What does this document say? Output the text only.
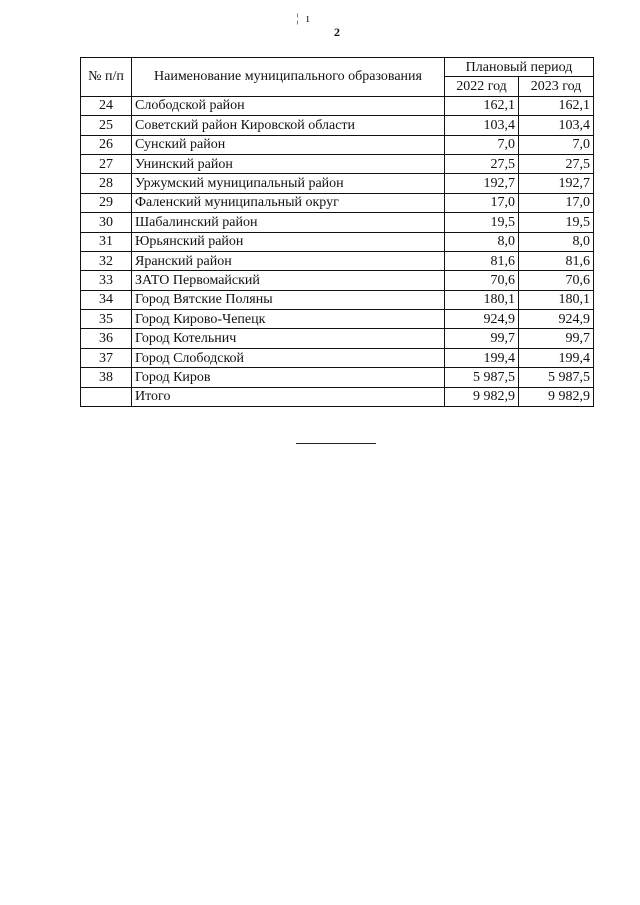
¦ ı
2
№ п/п	Наименование муниципального образования	Плановый период	
		2022 год	2023 год
24	Слободской район	162,1	162,1
25	Советский район Кировской области	103,4	103,4
26	Сунский район	7,0	7,0
27	Унинский район	27,5	27,5
28	Уржумский муниципальный район	192,7	192,7
29	Фаленский муниципальный округ	17,0	17,0
30	Шабалинский район	19,5	19,5
31	Юрьянский район	8,0	8,0
32	Яранский район	81,6	81,6
33	ЗАТО Первомайский	70,6	70,6
34	Город Вятские Поляны	180,1	180,1
35	Город Кирово-Чепецк	924,9	924,9
36	Город Котельнич	99,7	99,7
37	Город Слободской	199,4	199,4
38	Город Киров	5 987,5	5 987,5
	Итого	9 982,9	9 982,9
